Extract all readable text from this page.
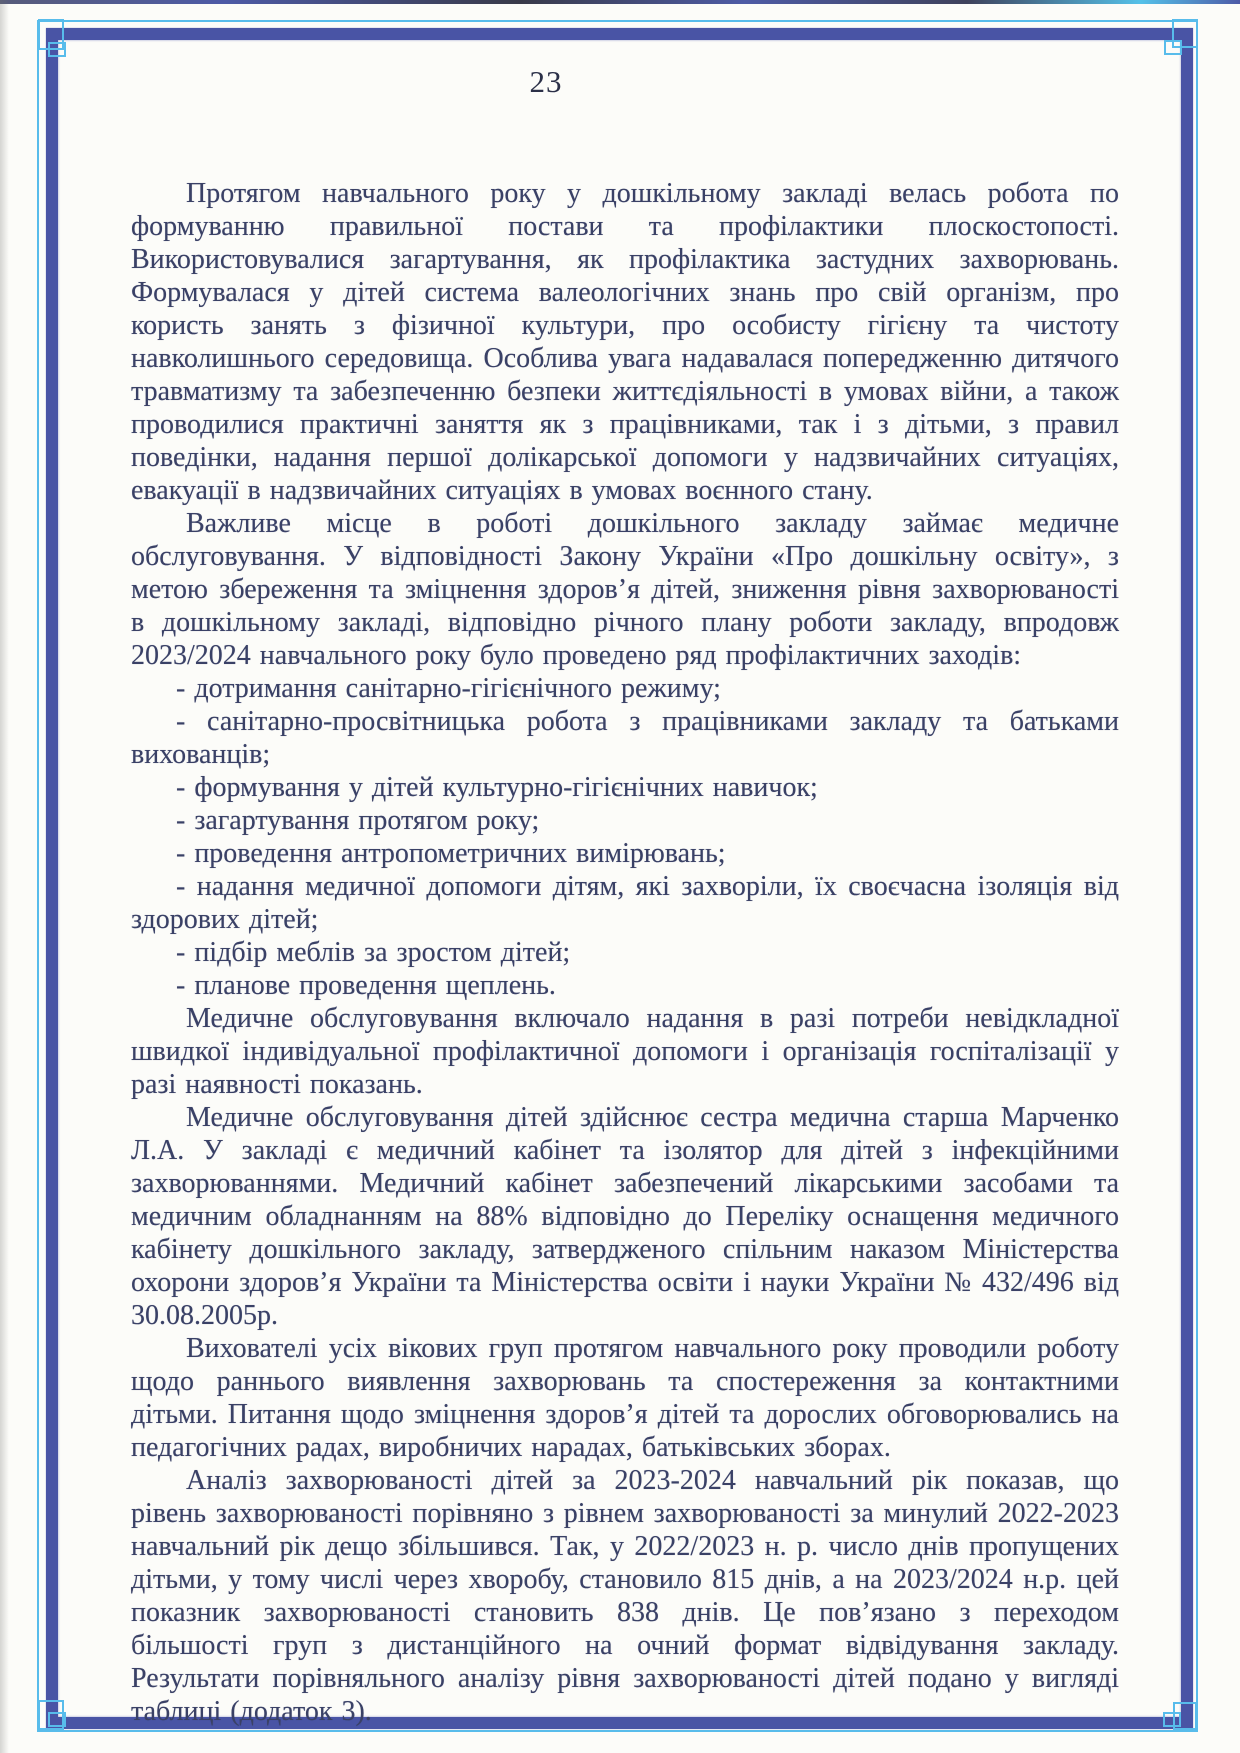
23

Протягом навчального року у дошкільному закладі велась робота по формуванню правильної постави та профілактики плоскостопості. Використовувалися загартування, як профілактика застудних захворювань. Формувалася у дітей система валеологічних знань про свій організм, про користь занять з фізичної культури, про особисту гігієну та чистоту навколишнього середовища. Особлива увага надавалася попередженню дитячого травматизму та забезпеченню безпеки життєдіяльності в умовах війни, а також проводилися практичні заняття як з працівниками, так і з дітьми, з правил поведінки, надання першої долікарської допомоги у надзвичайних ситуаціях, евакуації в надзвичайних ситуаціях в умовах воєнного стану.

Важливе місце в роботі дошкільного закладу займає медичне обслуговування. У відповідності Закону України «Про дошкільну освіту», з метою збереження та зміцнення здоров’я дітей, зниження рівня захворюваності в дошкільному закладі, відповідно річного плану роботи закладу, впродовж 2023/2024 навчального року було проведено ряд профілактичних заходів:

- дотримання санітарно-гігієнічного режиму;

- санітарно-просвітницька робота з працівниками закладу та батьками вихованців;

- формування у дітей культурно-гігієнічних навичок;

- загартування протягом року;

- проведення антропометричних вимірювань;

- надання медичної допомоги дітям, які захворіли, їх своєчасна ізоляція від здорових дітей;

- підбір меблів за зростом дітей;

- планове проведення щеплень.

Медичне обслуговування включало надання в разі потреби невідкладної швидкої індивідуальної профілактичної допомоги і організація госпіталізації у разі наявності показань.

Медичне обслуговування дітей здійснює сестра медична старша Марченко Л.А. У закладі є медичний кабінет та ізолятор для дітей з інфекційними захворюваннями. Медичний кабінет забезпечений лікарськими засобами та медичним обладнанням на 88% відповідно до Переліку оснащення медичного кабінету дошкільного закладу, затвердженого спільним наказом Міністерства охорони здоров’я України та Міністерства освіти і науки України № 432/496 від 30.08.2005р.

Вихователі усіх вікових груп протягом навчального року проводили роботу щодо раннього виявлення захворювань та спостереження за контактними дітьми. Питання щодо зміцнення здоров’я дітей та дорослих обговорювались на педагогічних радах, виробничих нарадах, батьківських зборах.

Аналіз захворюваності дітей за 2023-2024 навчальний рік показав, що рівень захворюваності порівняно з рівнем захворюваності за минулий 2022-2023 навчальний рік дещо збільшився. Так, у 2022/2023 н. р. число днів пропущених дітьми, у тому числі через хворобу, становило 815 днів, а на 2023/2024 н.р. цей показник захворюваності становить 838 днів. Це пов’язано з переходом більшості груп з дистанційного на очний формат відвідування закладу. Результати порівняльного аналізу рівня захворюваності дітей подано у вигляді таблиці (додаток 3).
